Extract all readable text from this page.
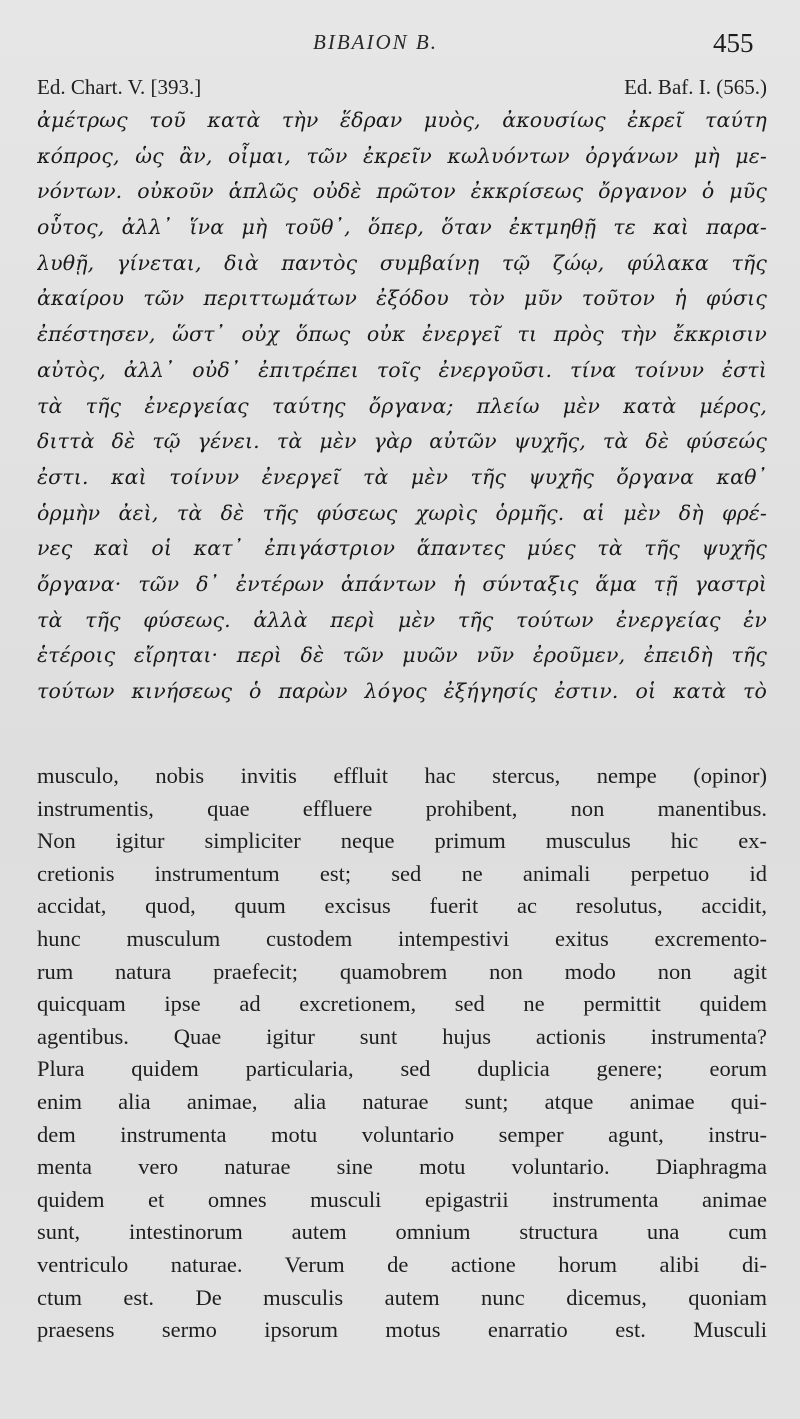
BIBAION B.	455
Ed. Chart. V. [393.]	Ed. Baf. I. (565.)
ἀμέτρως τοῦ κατὰ τὴν ἕδραν μυὸς, ἀκουσίως ἐκρεῖ ταύτη
κόπρος, ὡς ἂν, οἶμαι, τῶν ἐκρεῖν κωλυόντων ὀργάνων μὴ με-
νόντων. οὐκοῦν ἁπλῶς οὐδὲ πρῶτον ἐκκρίσεως ὄργανον ὁ μῦς
οὗτος, ἀλλ᾽ ἵνα μὴ τοῦθ᾽, ὅπερ, ὅταν ἐκτμηθῇ τε καὶ παρα-
λυθῇ, γίνεται, διὰ παντὸς συμβαίνῃ τῷ ζώῳ, φύλακα τῆς
ἀκαίρου τῶν περιττωμάτων ἐξόδου τὸν μῦν τοῦτον ἡ φύσις
ἐπέστησεν, ὥστ᾽ οὐχ ὅπως οὐκ ἐνεργεῖ τι πρὸς τὴν ἔκκρισιν
αὐτὸς, ἀλλ᾽ οὐδ᾽ ἐπιτρέπει τοῖς ἐνεργοῦσι. τίνα τοίνυν ἐστὶ
τὰ τῆς ἐνεργείας ταύτης ὄργανα; πλείω μὲν κατὰ μέρος,
διττὰ δὲ τῷ γένει. τὰ μὲν γὰρ αὐτῶν ψυχῆς, τὰ δὲ φύσεώς
ἐστι. καὶ τοίνυν ἐνεργεῖ τὰ μὲν τῆς ψυχῆς ὄργανα καθ᾽
ὁρμὴν ἀεὶ, τὰ δὲ τῆς φύσεως χωρὶς ὁρμῆς. αἱ μὲν δὴ φρέ-
νες καὶ οἱ κατ᾽ ἐπιγάστριον ἅπαντες μύες τὰ τῆς ψυχῆς
ὄργανα· τῶν δ᾽ ἐντέρων ἁπάντων ἡ σύνταξις ἅμα τῇ γαστρὶ
τὰ τῆς φύσεως. ἀλλὰ περὶ μὲν τῆς τούτων ἐνεργείας ἐν
ἑτέροις εἴρηται· περὶ δὲ τῶν μυῶν νῦν ἐροῦμεν, ἐπειδὴ τῆς
τούτων κινήσεως ὁ παρὼν λόγος ἐξήγησίς ἐστιν. οἱ κατὰ τὸ
musculo, nobis invitis effluit hac stercus, nempe (opinor)
instrumentis, quae effluere prohibent, non manentibus.
Non igitur simpliciter neque primum musculus hic ex-
cretionis instrumentum est; sed ne animali perpetuo id
accidat, quod, quum excisus fuerit ac resolutus, accidit,
hunc musculum custodem intempestivi exitus excremento-
rum natura praefecit; quamobrem non modo non agit
quicquam ipse ad excretionem, sed ne permittit quidem
agentibus. Quae igitur sunt hujus actionis instrumenta?
Plura quidem particularia, sed duplicia genere; eorum
enim alia animae, alia naturae sunt; atque animae qui-
dem instrumenta motu voluntario semper agunt, instru-
menta vero naturae sine motu voluntario. Diaphragma
quidem et omnes musculi epigastrii instrumenta animae
sunt, intestinorum autem omnium structura una cum
ventriculo naturae. Verum de actione horum alibi di-
ctum est. De musculis autem nunc dicemus, quoniam
praesens sermo ipsorum motus enarratio est. Musculi
